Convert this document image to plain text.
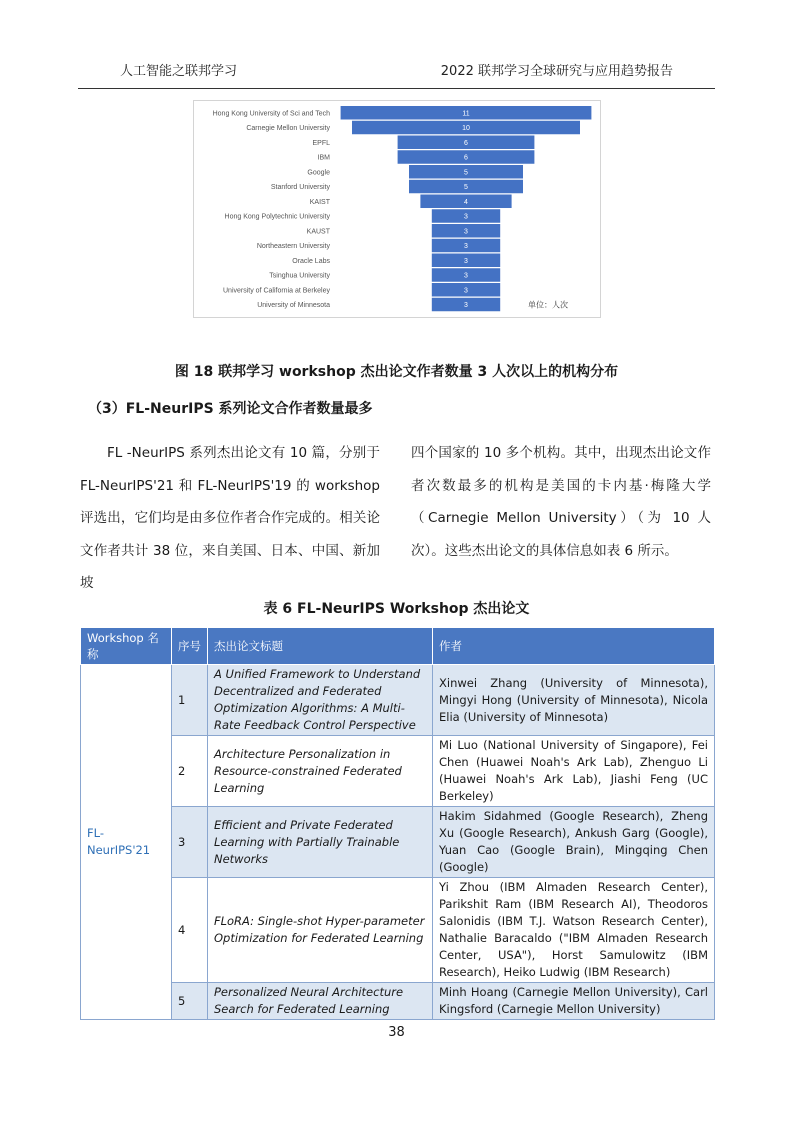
人工智能之联邦学习	2022 联邦学习全球研究与应用趋势报告
Hong Kong University of Sci and Tech	11
Carnegie Mellon University	10
EPFL	6
IBM	6
Google	5
Stanford University	5
KAIST	4
Hong Kong Polytechnic University	3
KAUST	3
Northeastern University	3
Oracle Labs	3
Tsinghua University	3
University of California at Berkeley	3
University of Minnesota	3	单位：人次
图 18 联邦学习 workshop 杰出论文作者数量 3 人次以上的机构分布
（3）FL-NeurIPS 系列论文合作者数量最多
FL -NeurIPS 系列杰出论文有 10 篇，分别于 FL-NeurIPS'21 和 FL-NeurIPS'19 的 workshop 评选出，它们均是由多位作者合作完成的。相关论文作者共计 38 位，来自美国、日本、中国、新加坡
四个国家的 10 多个机构。其中，出现杰出论文作者次数最多的机构是美国的卡内基·梅隆大学（Carnegie Mellon University）（为 10 人次）。这些杰出论文的具体信息如表 6 所示。
表 6 FL-NeurIPS Workshop 杰出论文
Workshop 名称	序号	杰出论文标题	作者
FL-NeurIPS'21	1	A Unified Framework to Understand Decentralized and Federated Optimization Algorithms: A Multi-Rate Feedback Control Perspective	Xinwei Zhang (University of Minnesota), Mingyi Hong (University of Minnesota), Nicola Elia (University of Minnesota)
	2	Architecture Personalization in Resource-constrained Federated Learning	Mi Luo (National University of Singapore), Fei Chen (Huawei Noah's Ark Lab), Zhenguo Li (Huawei Noah's Ark Lab), Jiashi Feng (UC Berkeley)
	3	Efficient and Private Federated Learning with Partially Trainable Networks	Hakim Sidahmed (Google Research), Zheng Xu (Google Research), Ankush Garg (Google), Yuan Cao (Google Brain), Mingqing Chen (Google)
	4	FLoRA: Single-shot Hyper-parameter Optimization for Federated Learning	Yi Zhou (IBM Almaden Research Center), Parikshit Ram (IBM Research AI), Theodoros Salonidis (IBM T.J. Watson Research Center), Nathalie Baracaldo ("IBM Almaden Research Center, USA"), Horst Samulowitz (IBM Research), Heiko Ludwig (IBM Research)
	5	Personalized Neural Architecture Search for Federated Learning	Minh Hoang (Carnegie Mellon University), Carl Kingsford (Carnegie Mellon University)
38
